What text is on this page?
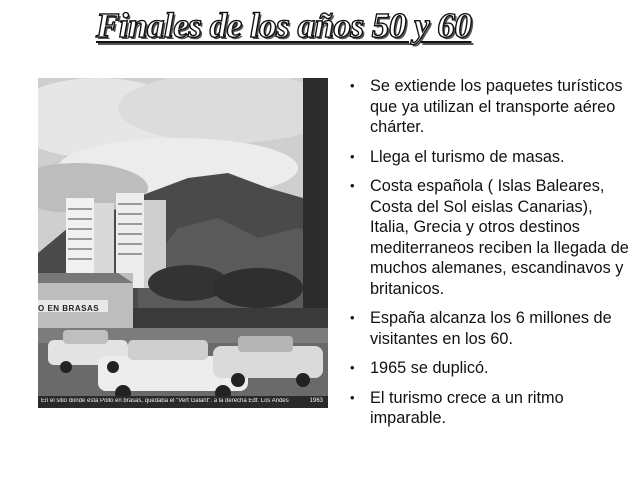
Finales de los años 50 y 60
O EN BRASAS
En el sitio donde está Pollo en brasas, quedaba el "Vert Galant". a la derecha Edf. Los Andes	1963
• Se extiende los paquetes turísticos que ya utilizan el transporte aéreo chárter.
• Llega el turismo de masas.
• Costa española ( Islas Baleares, Costa del Sol eislas Canarias), Italia, Grecia y otros destinos mediterraneos reciben la llegada de muchos alemanes, escandinavos y britanicos.
• España alcanza los 6 millones de visitantes en los 60.
• 1965 se duplicó.
• El turismo crece a un ritmo imparable.
